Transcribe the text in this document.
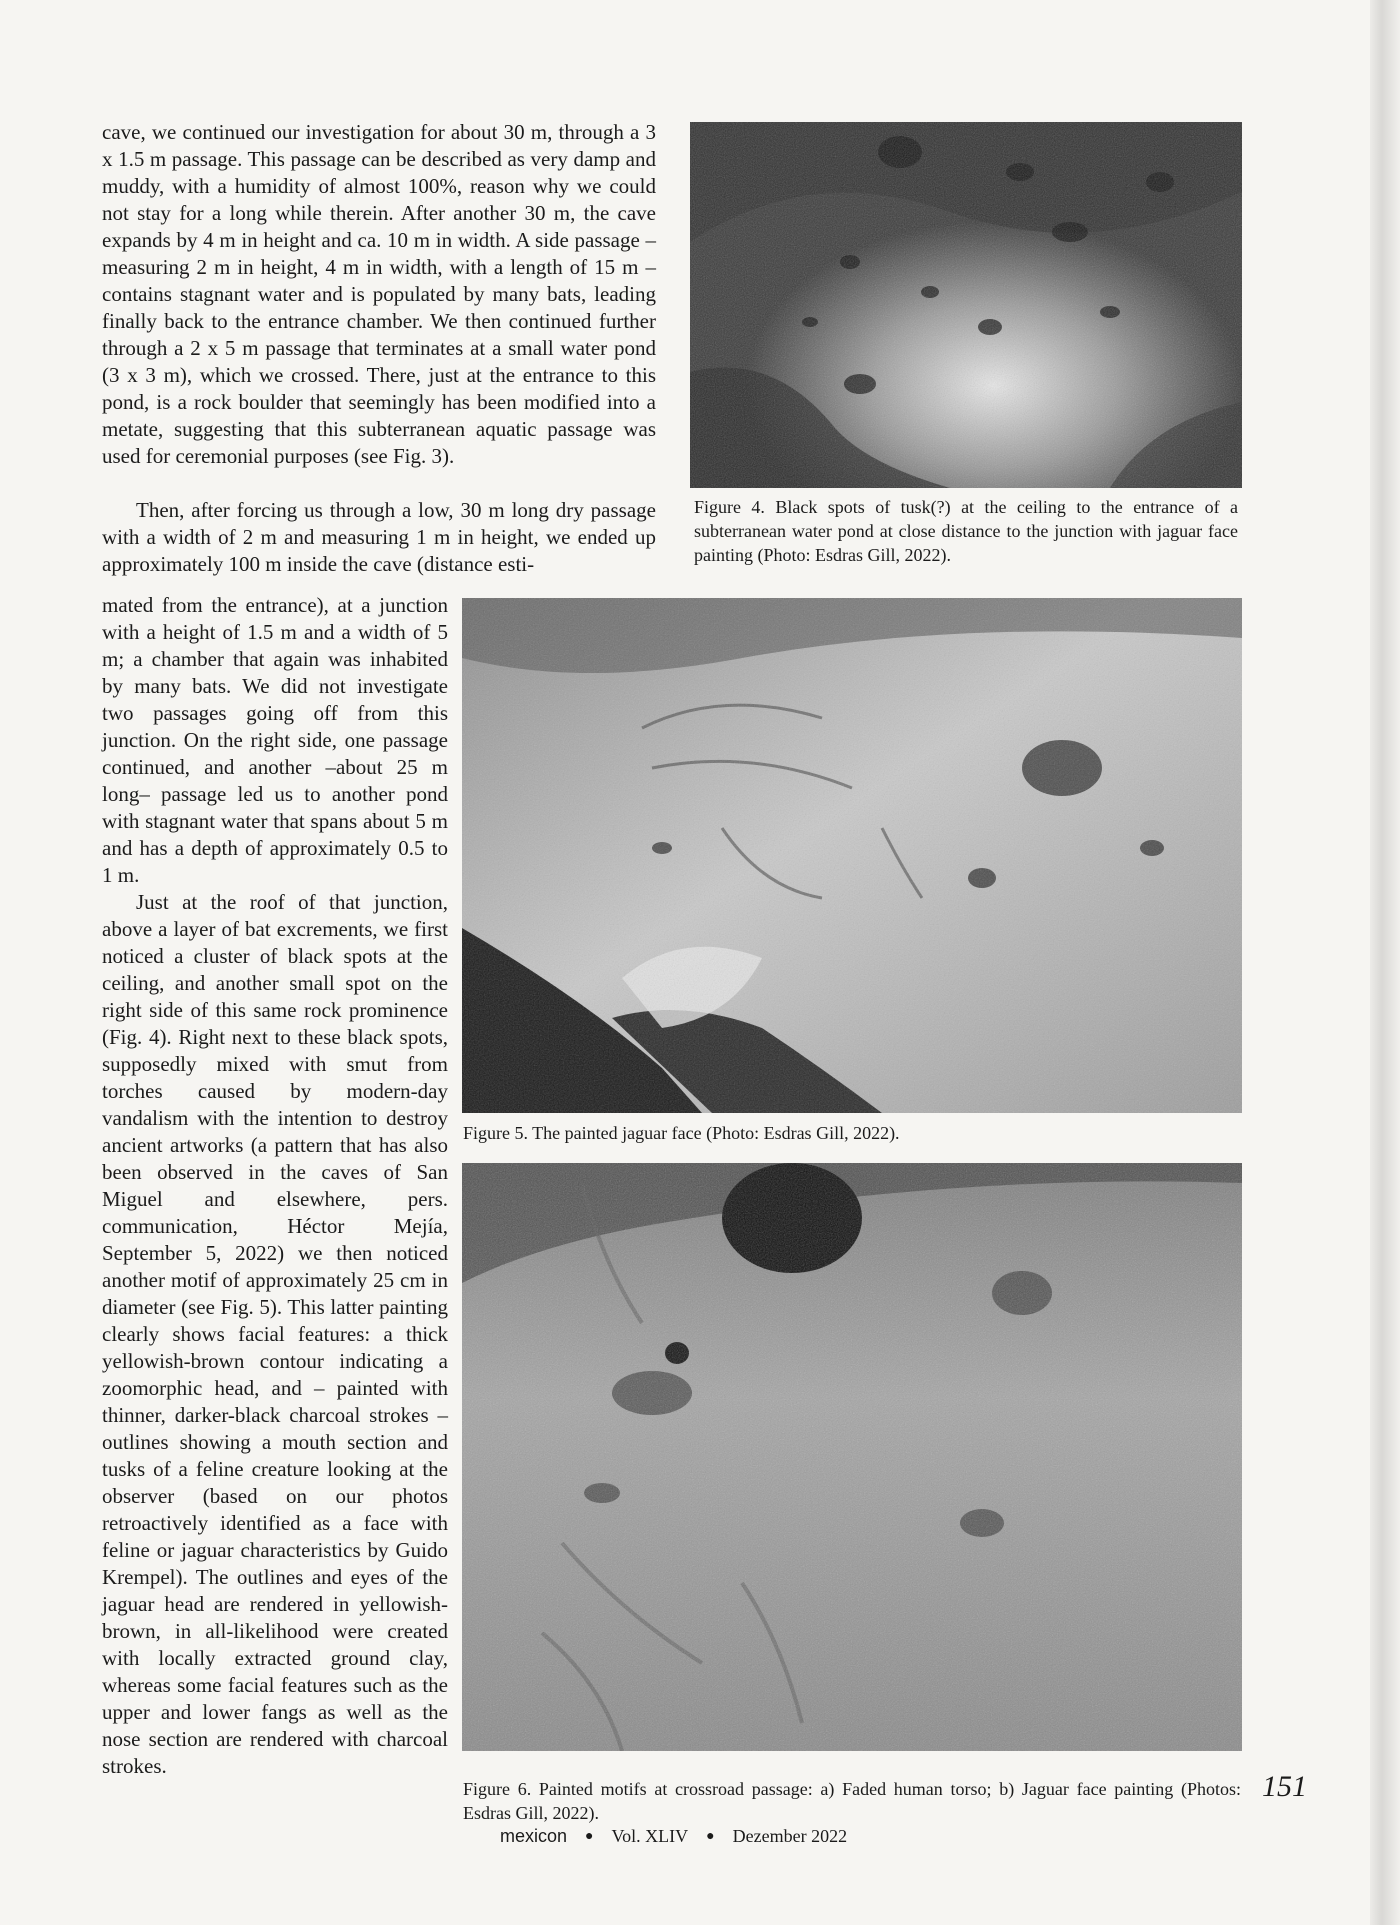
cave, we continued our investigation for about 30 m, through a 3 x 1.5 m passage. This passage can be described as very damp and muddy, with a humidity of almost 100%, reason why we could not stay for a long while therein. After another 30 m, the cave expands by 4 m in height and ca. 10 m in width. A side passage – measuring 2 m in height, 4 m in width, with a length of 15 m – contains stagnant water and is populated by many bats, leading finally back to the entrance chamber. We then continued further through a 2 x 5 m passage that terminates at a small water pond (3 x 3 m), which we crossed. There, just at the entrance to this pond, is a rock boulder that seemingly has been modified into a metate, suggesting that this subterranean aquatic passage was used for ceremonial purposes (see Fig. 3).

Then, after forcing us through a low, 30 m long dry passage with a width of 2 m and measuring 1 m in height, we ended up approximately 100 m inside the cave (distance esti-

mated from the entrance), at a junction with a height of 1.5 m and a width of 5 m; a chamber that again was inhabited by many bats. We did not investigate two passages going off from this junction. On the right side, one passage continued, and another –about 25 m long– passage led us to another pond with stagnant water that spans about 5 m and has a depth of approximately 0.5 to 1 m.

Just at the roof of that junction, above a layer of bat excrements, we first noticed a cluster of black spots at the ceiling, and another small spot on the right side of this same rock prominence (Fig. 4). Right next to these black spots, supposedly mixed with smut from torches caused by modern-day vandalism with the intention to destroy ancient artworks (a pattern that has also been observed in the caves of San Miguel and elsewhere, pers. communication, Héctor Mejía, September 5, 2022) we then noticed another motif of approximately 25 cm in diameter (see Fig. 5). This latter painting clearly shows facial features: a thick yellowish-brown contour indicating a zoomorphic head, and – painted with thinner, darker-black charcoal strokes – outlines showing a mouth section and tusks of a feline creature looking at the observer (based on our photos retroactively identified as a face with feline or jaguar characteristics by Guido Krempel). The outlines and eyes of the jaguar head are rendered in yellowish-brown, in all-likelihood were created with locally extracted ground clay, whereas some facial features such as the upper and lower fangs as well as the nose section are rendered with charcoal strokes.

Figure 4. Black spots of tusk(?) at the ceiling to the entrance of a subterranean water pond at close distance to the junction with jaguar face painting (Photo: Esdras Gill, 2022).
Figure 5. The painted jaguar face (Photo: Esdras Gill, 2022).
Figure 6. Painted motifs at crossroad passage: a) Faded human torso; b) Jaguar face painting (Photos: Esdras Gill, 2022).
151
mexicon ● Vol. XLIV ● Dezember 2022
